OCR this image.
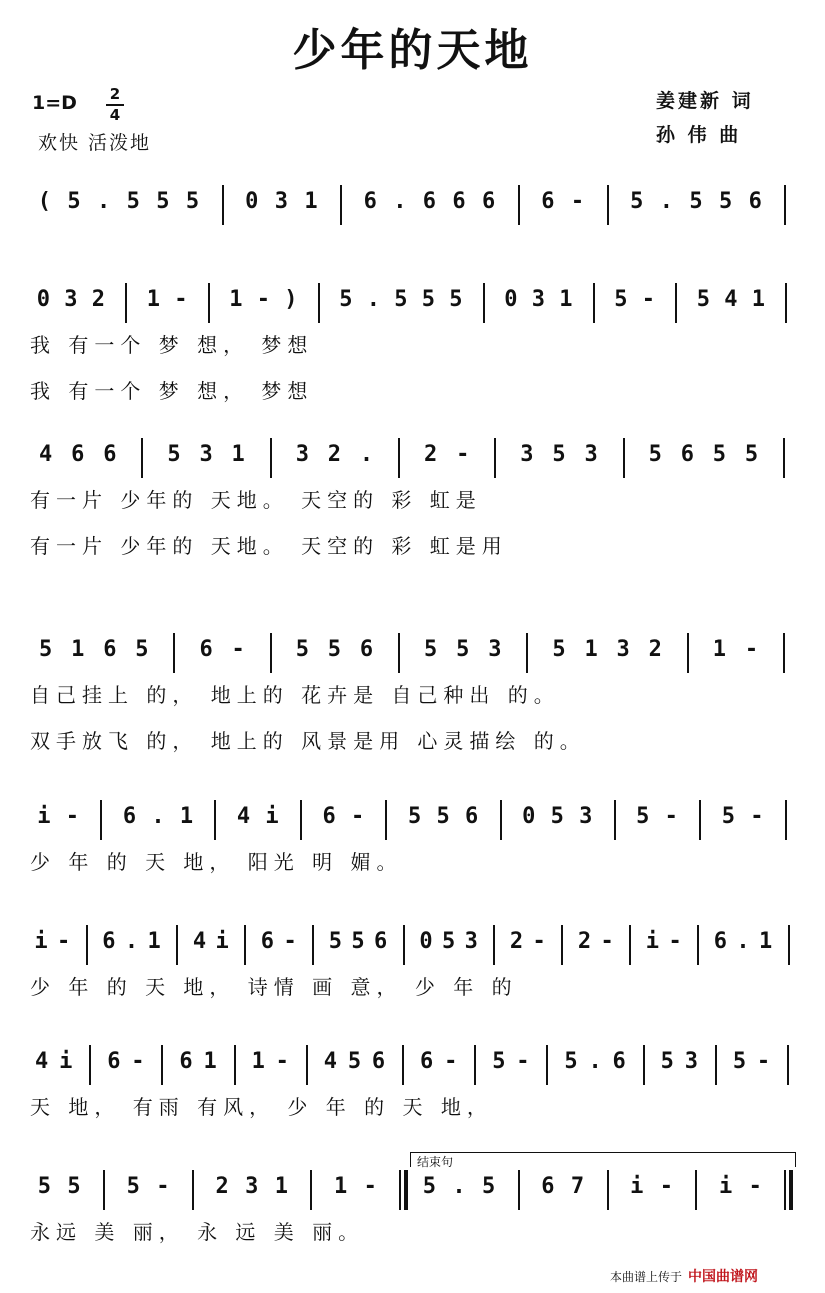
少年的天地
1=D 2
4
欢快 活泼地
姜建新 词
孙 伟 曲
( 5 . 5 5 5 0 3 1 6 . 6 6 6 6 - 5 . 5 5 6
0 3 2 1 - 1 - ) 5 . 5 5 5 0 3 1 5 - 5 4 1
我 有一个 梦 想， 梦想
我 有一个 梦 想， 梦想
4 6 6 5 3 1 3 2 . 2 - 3 5 3 5 6 5 5
有一片 少年的 天地。 天空的 彩 虹是
有一片 少年的 天地。 天空的 彩 虹是用
5 1 6 5 6 - 5 5 6 5 5 3 5 1 3 2 1 -
自己挂上 的， 地上的 花卉是 自己种出 的。
双手放飞 的， 地上的 风景是用 心灵描绘 的。
i - 6 . 1 4 i 6 - 5 5 6 0 5 3 5 - 5 -
少 年 的 天 地， 阳光 明 媚。
i - 6 . 1 4 i 6 - 5 5 6 0 5 3 2 - 2 - i - 6 . 1
少 年 的 天 地， 诗情 画 意， 少 年 的
4 i 6 - 6 1 1 - 4 5 6 6 - 5 - 5 . 6 5 3 5 -
天 地， 有雨 有风， 少 年 的 天 地，
5 5 5 - 2 3 1 1 - 5 . 5 6 7 i - i -
永远 美 丽， 永 远 美 丽。
结束句
本曲谱上传于 中国曲谱网
